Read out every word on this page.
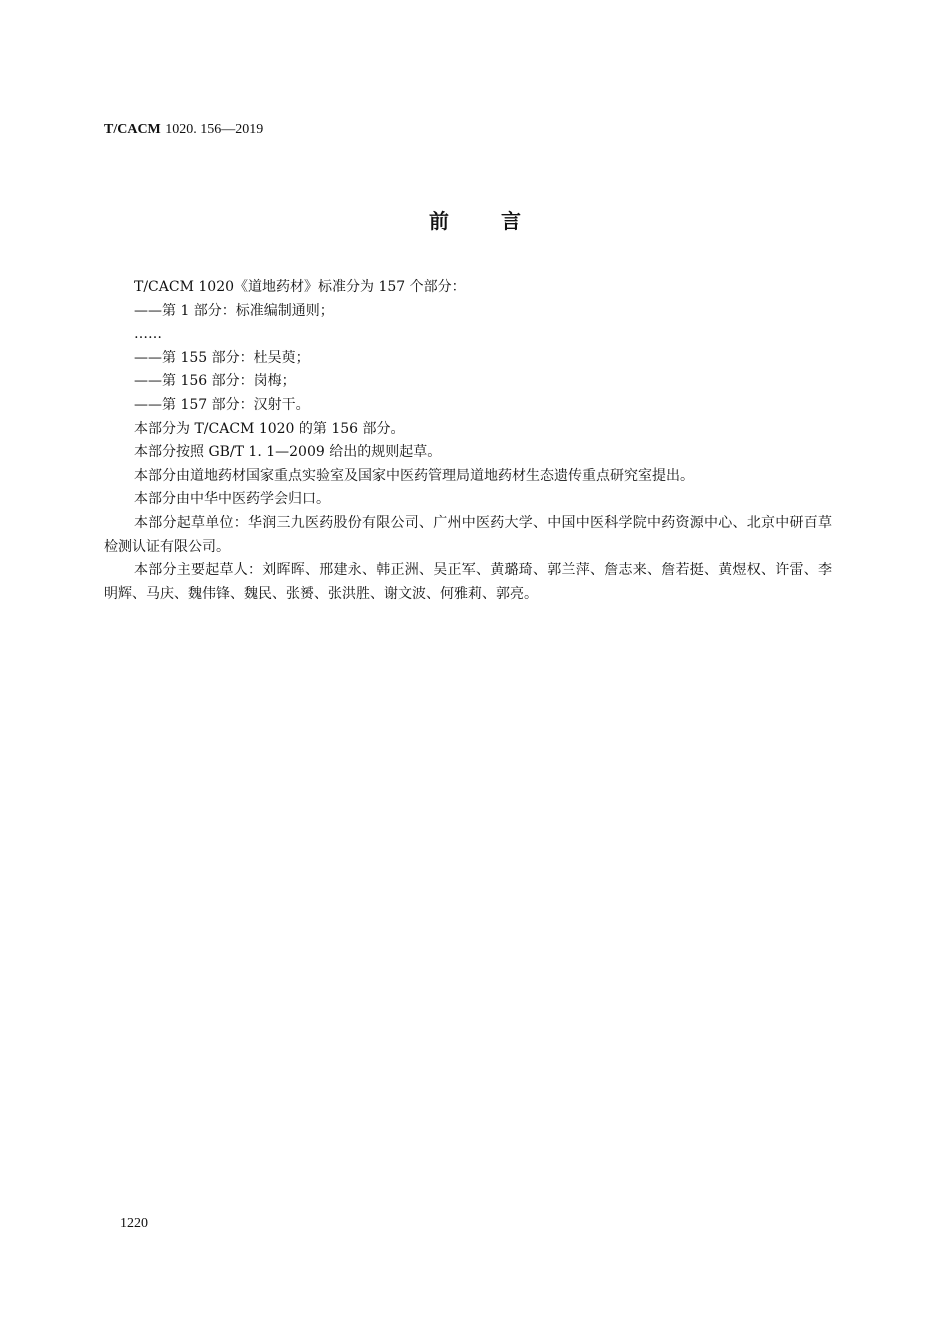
T/CACM 1020. 156—2019
前	言

T/CACM 1020《道地药材》标准分为 157 个部分：

——第 1 部分：标准编制通则；

……

——第 155 部分：杜吴萸；

——第 156 部分：岗梅；

——第 157 部分：汉射干。

本部分为 T/CACM 1020 的第 156 部分。

本部分按照 GB/T 1. 1—2009 给出的规则起草。

本部分由道地药材国家重点实验室及国家中医药管理局道地药材生态遗传重点研究室提出。

本部分由中华中医药学会归口。

本部分起草单位：华润三九医药股份有限公司、广州中医药大学、中国中医科学院中药资源中心、北京中研百草检测认证有限公司。

本部分主要起草人：刘晖晖、邢建永、韩正洲、吴正军、黄璐琦、郭兰萍、詹志来、詹若挺、黄煜权、许雷、李明辉、马庆、魏伟锋、魏民、张赟、张洪胜、谢文波、何雅莉、郭亮。

1220
